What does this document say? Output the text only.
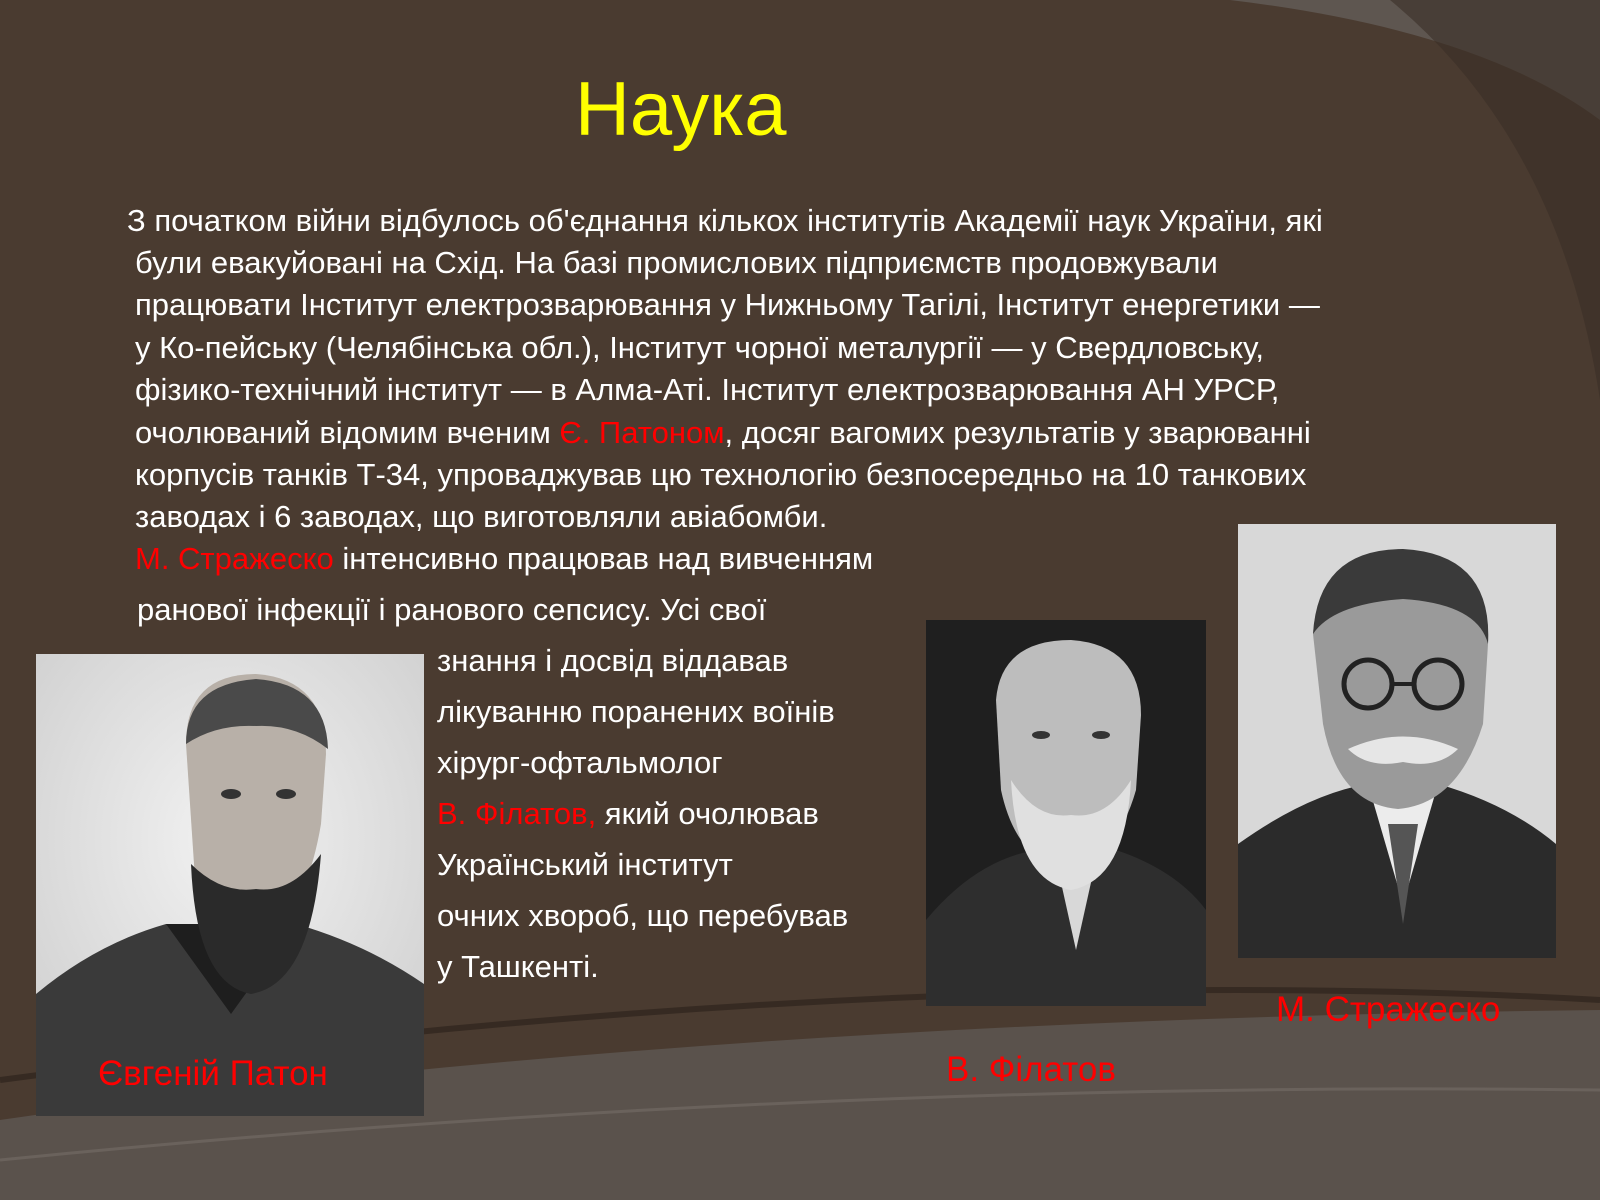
Наука
З початком війни відбулось об'єднання кількох інститутів Академії наук України, які
були евакуйовані на Схід. На базі промислових підприємств продовжували
працювати Інститут електрозварювання у Нижньому Тагілі, Інститут енергетики —
у Ко-пейську (Челябінська обл.), Інститут чорної металургії — у Свердловську,
фізико-технічний інститут — в Алма-Аті. Інститут електрозварювання АН УРСР,
очолюваний відомим вченим Є. Патоном, досяг вагомих результатів у зварюванні
корпусів танків Т-34, упроваджував цю технологію безпосередньо на 10 танкових
заводах і 6 заводах, що виготовляли авіабомби.
М. Стражеско інтенсивно працював над вивченням
ранової інфекції і ранового сепсису. Усі свої
знання і досвід віддавав
лікуванню поранених воїнів
хірург-офтальмолог
В. Філатов, який очолював
Український інститут
очних хвороб, що перебував
у Ташкенті.
Євгеній Патон	В. Філатов
М. Стражеско
